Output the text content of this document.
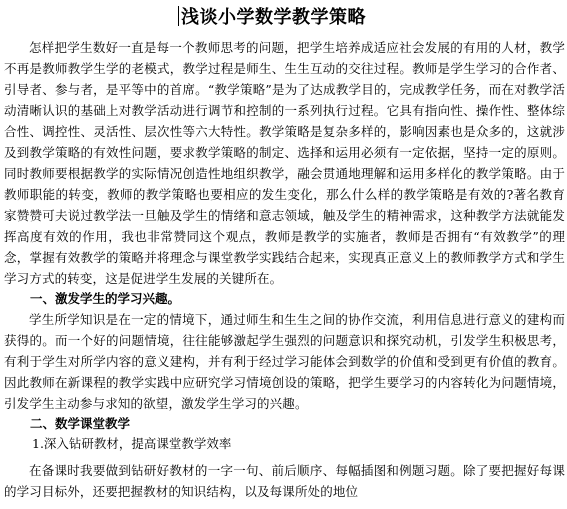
浅谈小学数学教学策略

怎样把学生数好一直是每一个教师思考的问题，把学生培养成适应社会发展的有用的人材，教学不再是教师教学生学的老模式，教学过程是师生、生生互动的交往过程。教师是学生学习的合作者、引导者、参与者，是平等中的首席。“教学策略”是为了达成教学目的，完成教学任务，而在对教学活动清晰认识的基础上对教学活动进行调节和控制的一系列执行过程。它具有指向性、操作性、整体综合性、调控性、灵活性、层次性等六大特性。教学策略是复杂多样的，影响因素也是众多的，这就涉及到教学策略的有效性问题，要求教学策略的制定、选择和运用必须有一定依据，坚持一定的原则。同时教师要根据教学的实际情况创造性地组织教学，融会贯通地理解和运用多样化的教学策略。由于教师职能的转变，教师的教学策略也要相应的发生变化，那么什么样的教学策略是有效的?著名教育家赞赞可夫说过教学法一旦触及学生的情绪和意志领域，触及学生的精神需求，这种教学方法就能发挥高度有效的作用，我也非常赞同这个观点，教师是教学的实施者，教师是否拥有“有效教学”的理念，掌握有效教学的策略并将理念与课堂教学实践结合起来，实现真正意义上的教师教学方式和学生学习方式的转变，这是促进学生发展的关键所在。

一、激发学生的学习兴趣。

学生所学知识是在一定的情境下，通过师生和生生之间的协作交流，利用信息进行意义的建构而获得的。而一个好的问题情境，往往能够激起学生强烈的问题意识和探究动机，引发学生积极思考，有利于学生对所学内容的意义建构，并有利于经过学习能体会到数学的价值和受到更有价值的教育。因此教师在新课程的教学实践中应研究学习情境创设的策略，把学生要学习的内容转化为问题情境，引发学生主动参与求知的欲望，激发学生学习的兴趣。

二、数学课堂教学
1.深入钻研教材，提高课堂教学效率

在备课时我要做到钻研好教材的一字一句、前后顺序、每幅插图和例题习题。除了要把握好每课的学习目标外，还要把握教材的知识结构，以及每课所处的地位
